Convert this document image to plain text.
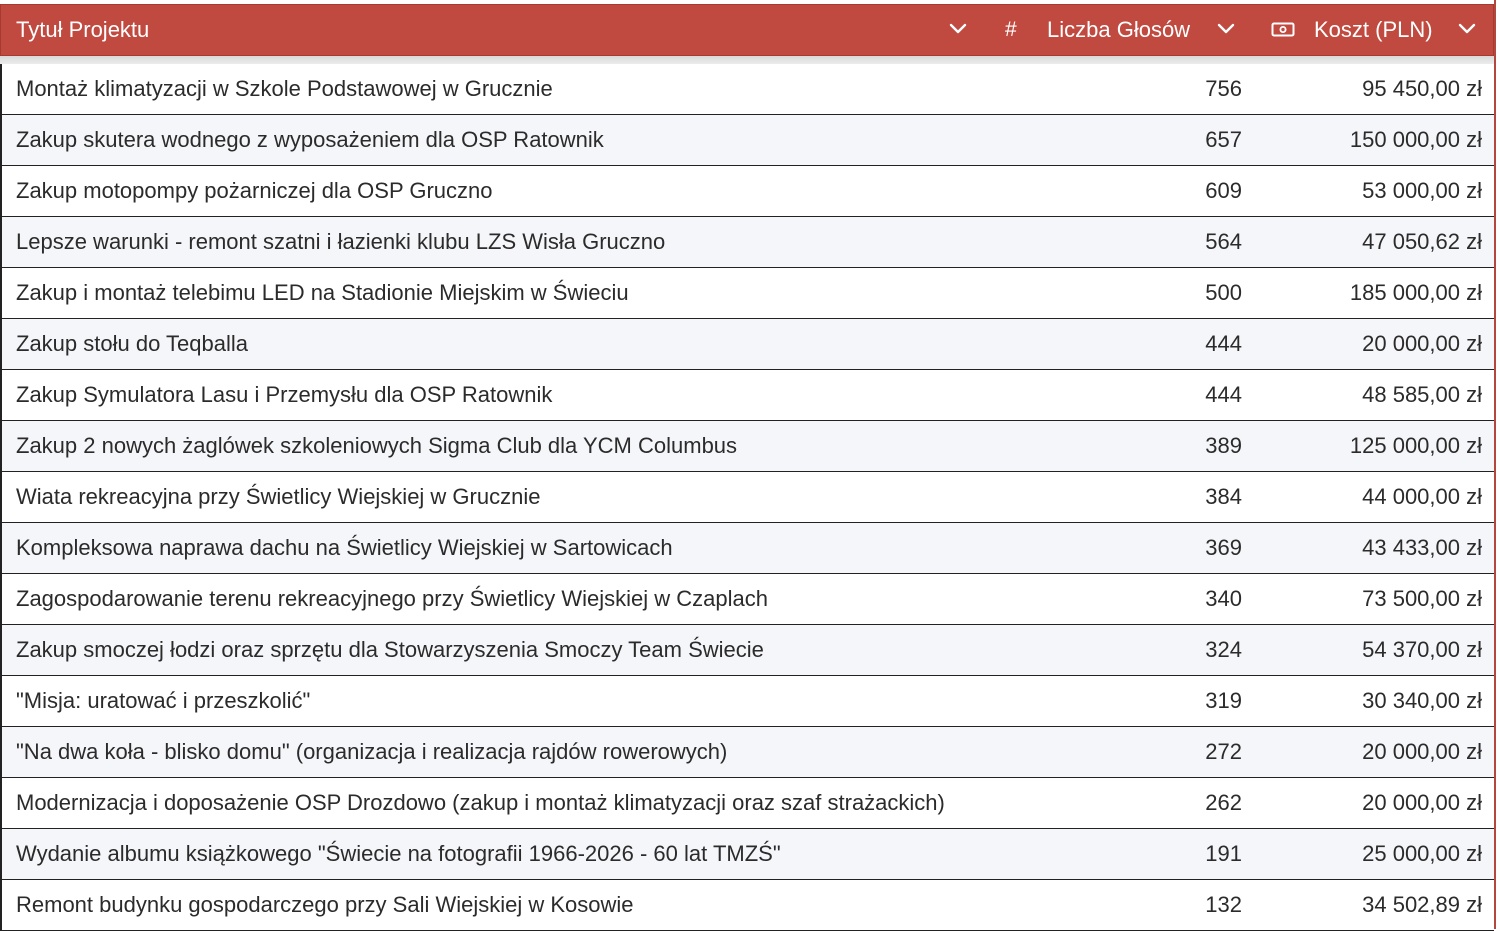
Tytuł Projektu	# Liczba Głosów	Koszt (PLN)
Montaż klimatyzacji w Szkole Podstawowej w Grucznie	756	95 450,00 zł
Zakup skutera wodnego z wyposażeniem dla OSP Ratownik	657	150 000,00 zł
Zakup motopompy pożarniczej dla OSP Gruczno	609	53 000,00 zł
Lepsze warunki - remont szatni i łazienki klubu LZS Wisła Gruczno	564	47 050,62 zł
Zakup i montaż telebimu LED na Stadionie Miejskim w Świeciu	500	185 000,00 zł
Zakup stołu do Teqballa	444	20 000,00 zł
Zakup Symulatora Lasu i Przemysłu dla OSP Ratownik	444	48 585,00 zł
Zakup 2 nowych żaglówek szkoleniowych Sigma Club dla YCM Columbus	389	125 000,00 zł
Wiata rekreacyjna przy Świetlicy Wiejskiej w Grucznie	384	44 000,00 zł
Kompleksowa naprawa dachu na Świetlicy Wiejskiej w Sartowicach	369	43 433,00 zł
Zagospodarowanie terenu rekreacyjnego przy Świetlicy Wiejskiej w Czaplach	340	73 500,00 zł
Zakup smoczej łodzi oraz sprzętu dla Stowarzyszenia Smoczy Team Świecie	324	54 370,00 zł
"Misja: uratować i przeszkolić"	319	30 340,00 zł
"Na dwa koła - blisko domu" (organizacja i realizacja rajdów rowerowych)	272	20 000,00 zł
Modernizacja i doposażenie OSP Drozdowo (zakup i montaż klimatyzacji oraz szaf strażackich)	262	20 000,00 zł
Wydanie albumu książkowego "Świecie na fotografii 1966-2026 - 60 lat TMZŚ"	191	25 000,00 zł
Remont budynku gospodarczego przy Sali Wiejskiej w Kosowie	132	34 502,89 zł
